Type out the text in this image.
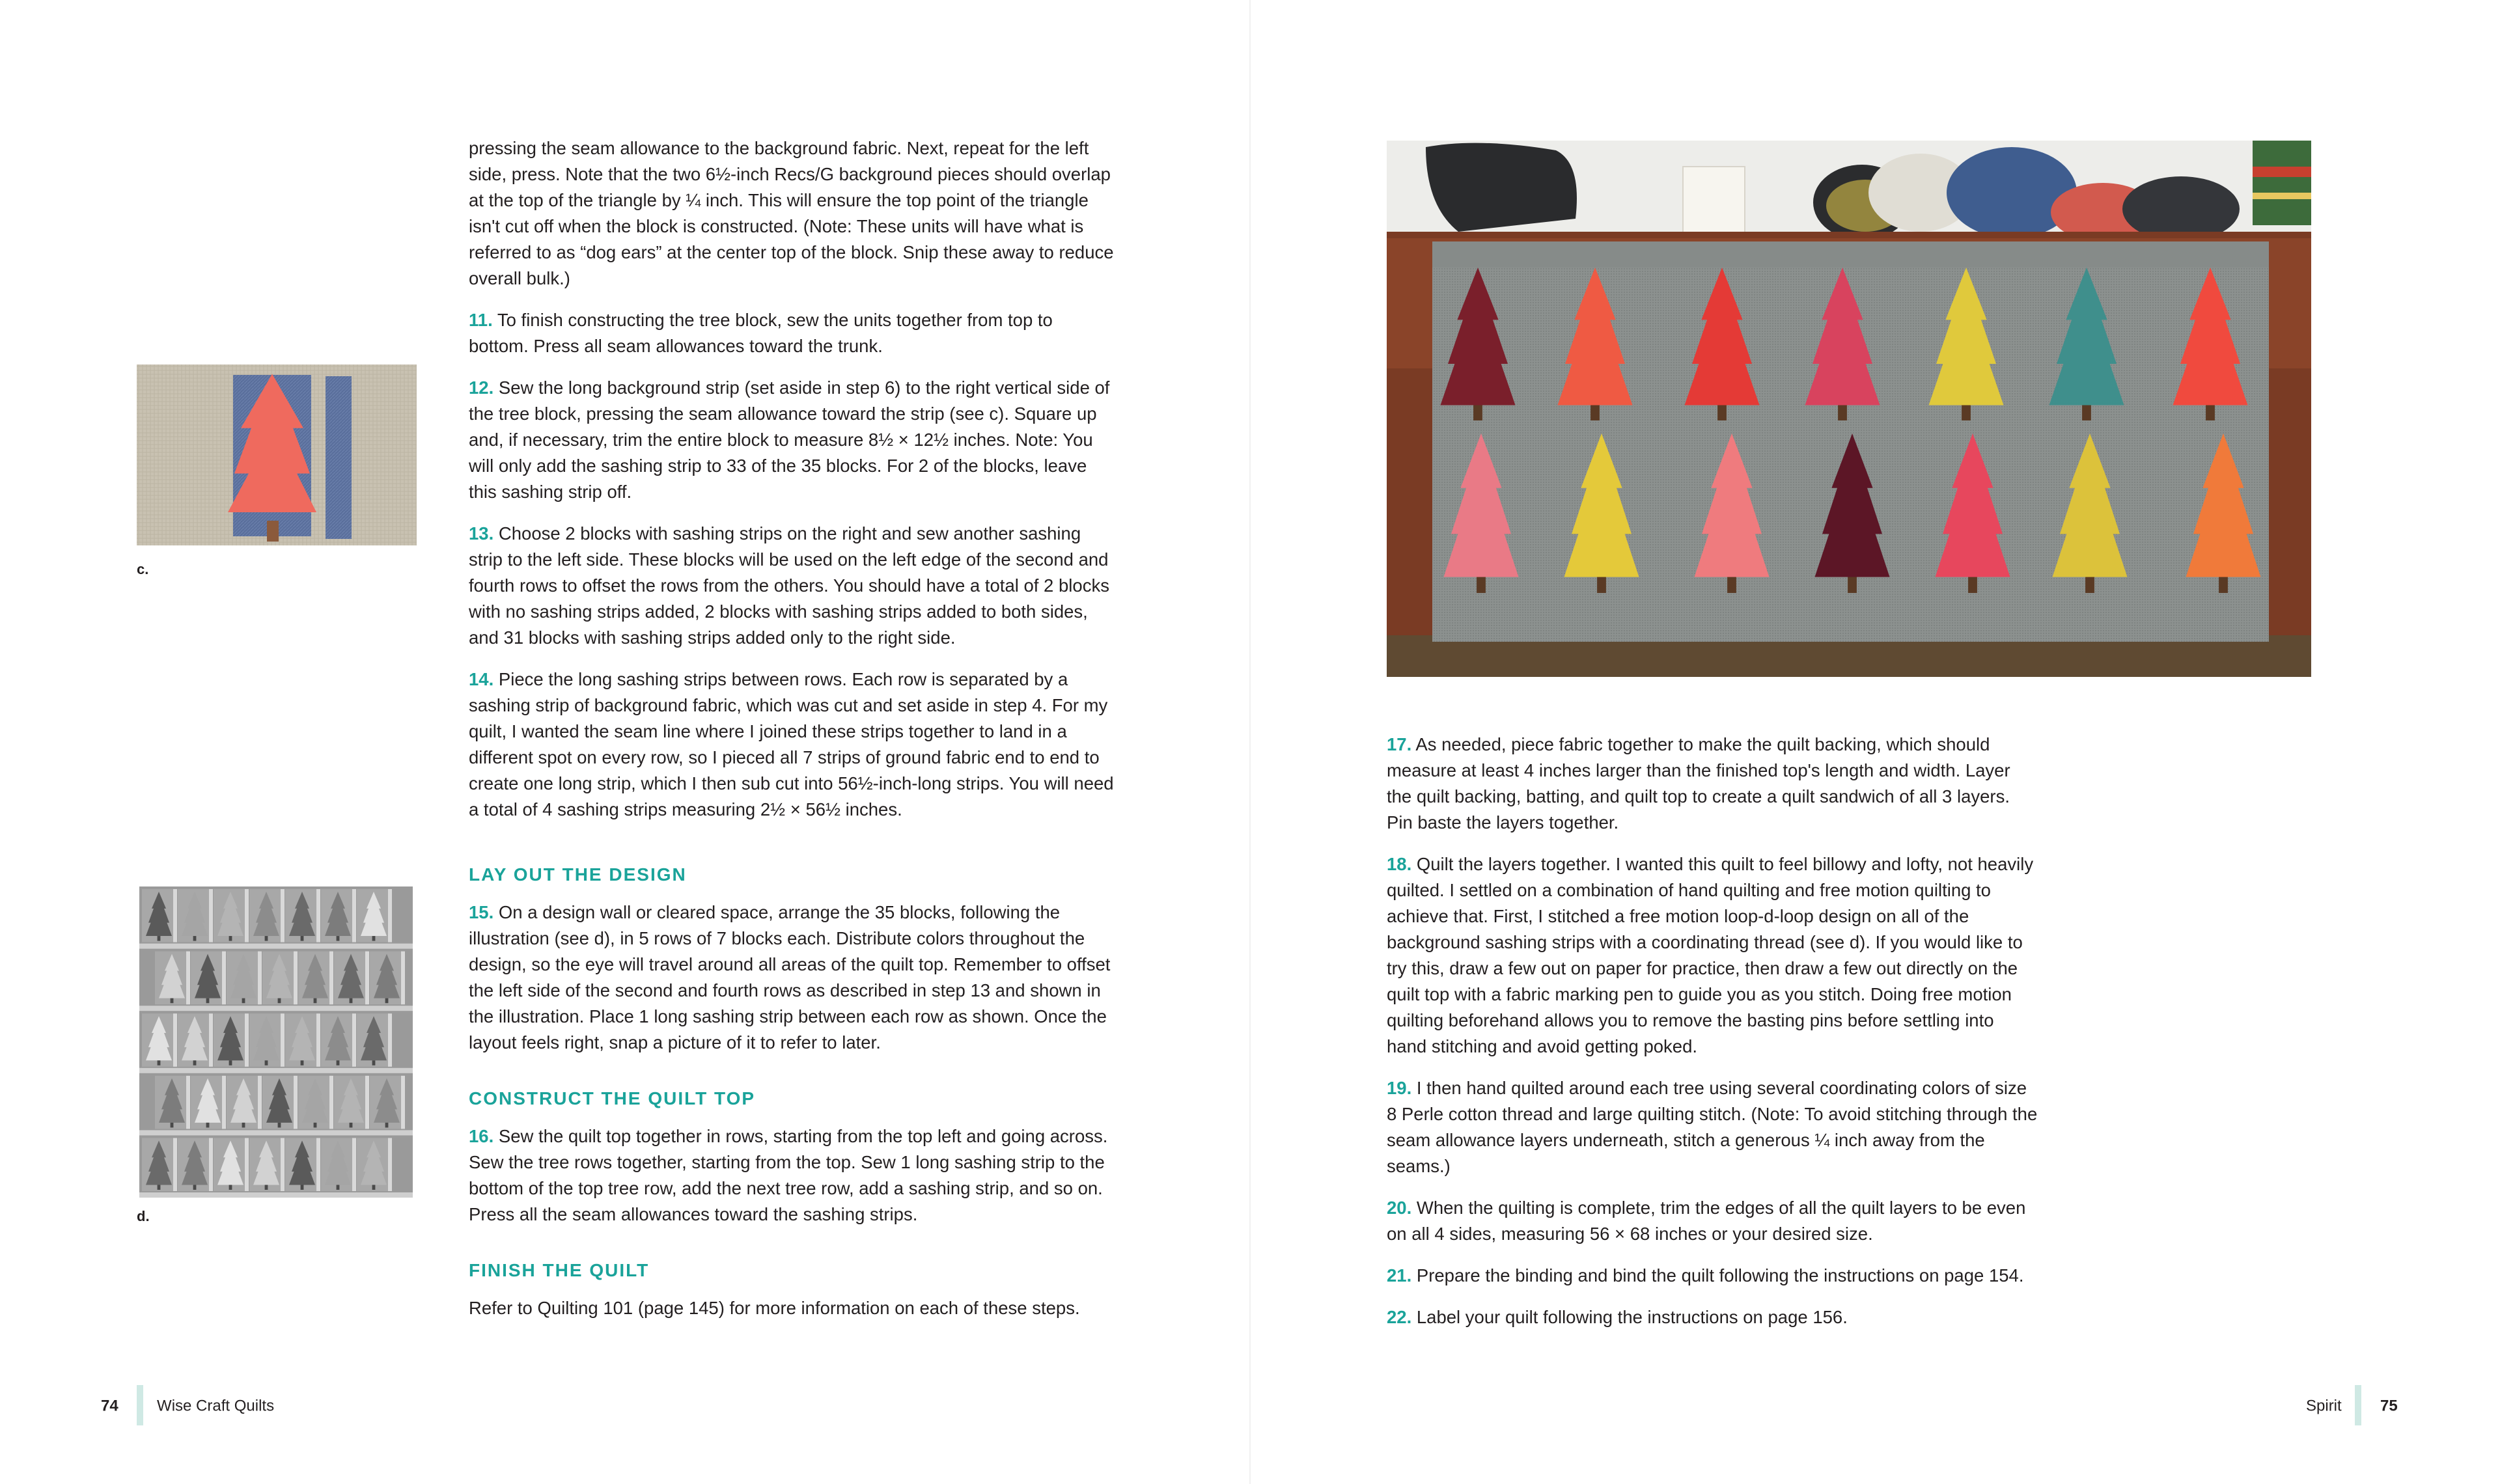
c.
d.

pressing the seam allowance to the background fabric. Next, repeat for the left side, press. Note that the two 6½-inch Recs/G background pieces should overlap at the top of the triangle by ¼ inch. This will ensure the top point of the triangle isn't cut off when the block is constructed. (Note: These units will have what is referred to as “dog ears” at the center top of the block. Snip these away to reduce overall bulk.)

11. To finish constructing the tree block, sew the units together from top to bottom. Press all seam allowances toward the trunk.

12. Sew the long background strip (set aside in step 6) to the right vertical side of the tree block, pressing the seam allowance toward the strip (see c). Square up and, if necessary, trim the entire block to measure 8½ × 12½ inches. Note: You will only add the sashing strip to 33 of the 35 blocks. For 2 of the blocks, leave this sashing strip off.

13. Choose 2 blocks with sashing strips on the right and sew another sashing strip to the left side. These blocks will be used on the left edge of the second and fourth rows to offset the rows from the others. You should have a total of 2 blocks with no sashing strips added, 2 blocks with sashing strips added to both sides, and 31 blocks with sashing strips added only to the right side.

14. Piece the long sashing strips between rows. Each row is separated by a sashing strip of background fabric, which was cut and set aside in step 4. For my quilt, I wanted the seam line where I joined these strips together to land in a different spot on every row, so I pieced all 7 strips of ground fabric end to end to create one long strip, which I then sub cut into 56½-inch-long strips. You will need a total of 4 sashing strips measuring 2½ × 56½ inches.

LAY OUT THE DESIGN

15. On a design wall or cleared space, arrange the 35 blocks, following the illustration (see d), in 5 rows of 7 blocks each. Distribute colors throughout the design, so the eye will travel around all areas of the quilt top. Remember to offset the left side of the second and fourth rows as described in step 13 and shown in the illustration. Place 1 long sashing strip between each row as shown. Once the layout feels right, snap a picture of it to refer to later.

CONSTRUCT THE QUILT TOP

16. Sew the quilt top together in rows, starting from the top left and going across. Sew the tree rows together, starting from the top. Sew 1 long sashing strip to the bottom of the top tree row, add the next tree row, add a sashing strip, and so on. Press all the seam allowances toward the sashing strips.

FINISH THE QUILT

Refer to Quilting 101 (page 145) for more information on each of these steps.

74 Wise Craft Quilts

17. As needed, piece fabric together to make the quilt backing, which should measure at least 4 inches larger than the finished top's length and width. Layer the quilt backing, batting, and quilt top to create a quilt sandwich of all 3 layers. Pin baste the layers together.

18. Quilt the layers together. I wanted this quilt to feel billowy and lofty, not heavily quilted. I settled on a combination of hand quilting and free motion quilting to achieve that. First, I stitched a free motion loop-d-loop design on all of the background sashing strips with a coordinating thread (see d). If you would like to try this, draw a few out on paper for practice, then draw a few out directly on the quilt top with a fabric marking pen to guide you as you stitch. Doing free motion quilting beforehand allows you to remove the basting pins before settling into hand stitching and avoid getting poked.

19. I then hand quilted around each tree using several coordinating colors of size 8 Perle cotton thread and large quilting stitch. (Note: To avoid stitching through the seam allowance layers underneath, stitch a generous ¼ inch away from the seams.)

20. When the quilting is complete, trim the edges of all the quilt layers to be even on all 4 sides, measuring 56 × 68 inches or your desired size.

21. Prepare the binding and bind the quilt following the instructions on page 154.

22. Label your quilt following the instructions on page 156.

Spirit 75
